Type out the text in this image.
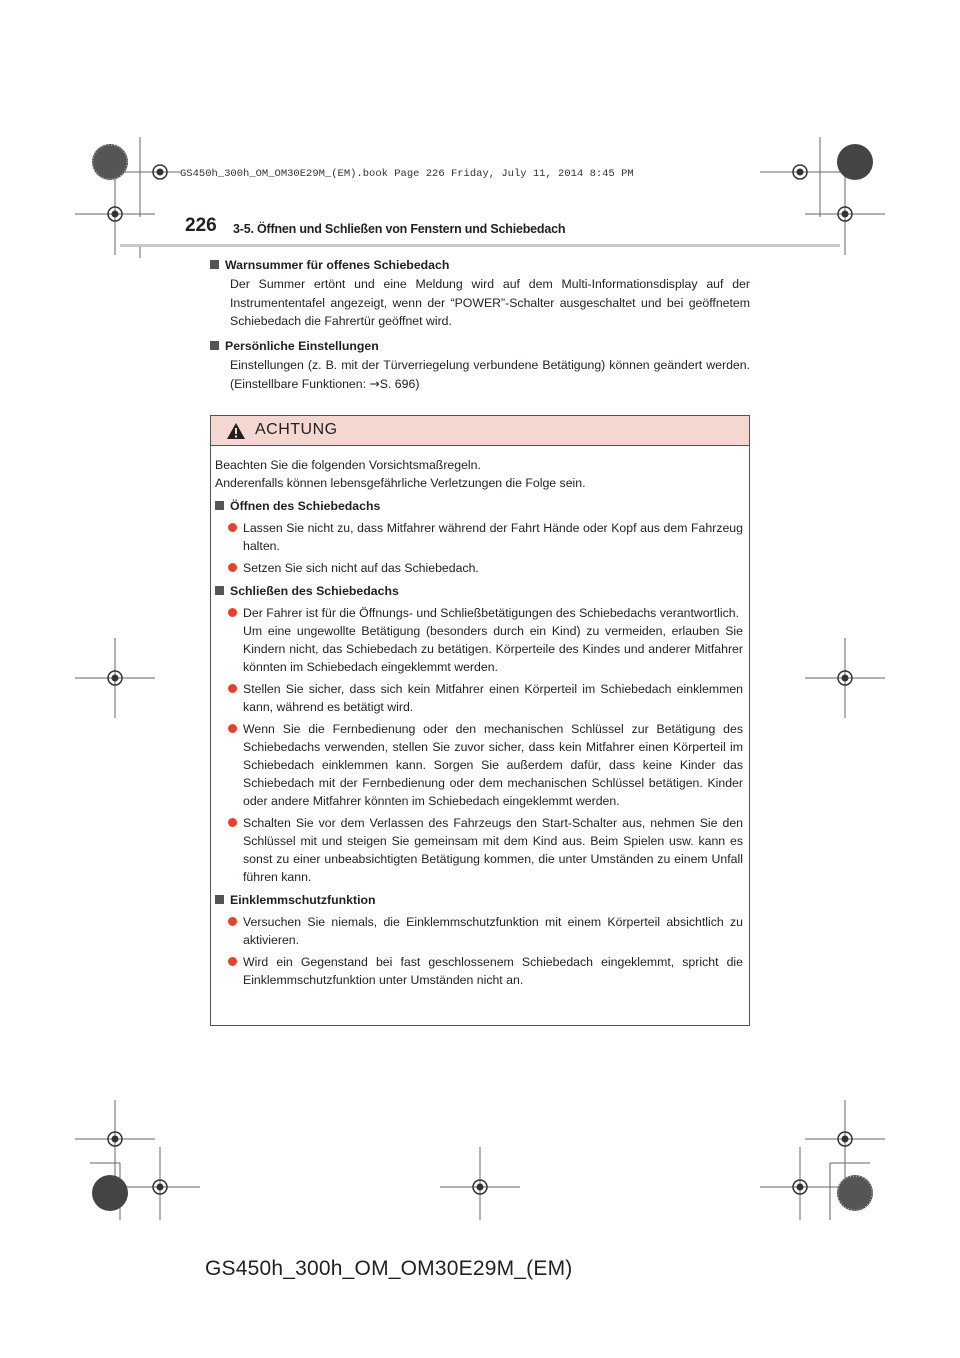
GS450h_300h_OM_OM30E29M_(EM).book Page 226 Friday, July 11, 2014 8:45 PM
226 3-5. Öffnen und Schließen von Fenstern und Schiebedach
Warnsummer für offenes Schiebedach
Der Summer ertönt und eine Meldung wird auf dem Multi-Informationsdisplay auf der Instrumententafel angezeigt, wenn der “POWER”-Schalter ausgeschaltet und bei geöffnetem Schiebedach die Fahrertür geöffnet wird.
Persönliche Einstellungen
Einstellungen (z. B. mit der Türverriegelung verbundene Betätigung) können geändert werden. (Einstellbare Funktionen: →S. 696)
ACHTUNG

Beachten Sie die folgenden Vorsichtsmaßregeln.

Anderenfalls können lebensgefährliche Verletzungen die Folge sein.

Öffnen des Schiebedachs
Lassen Sie nicht zu, dass Mitfahrer während der Fahrt Hände oder Kopf aus dem Fahrzeug halten.
Setzen Sie sich nicht auf das Schiebedach.
Schließen des Schiebedachs
Der Fahrer ist für die Öffnungs- und Schließbetätigungen des Schiebedachs verantwortlich.
Um eine ungewollte Betätigung (besonders durch ein Kind) zu vermeiden, erlauben Sie Kindern nicht, das Schiebedach zu betätigen. Körperteile des Kindes und anderer Mitfahrer könnten im Schiebedach eingeklemmt werden.
Stellen Sie sicher, dass sich kein Mitfahrer einen Körperteil im Schiebedach einklemmen kann, während es betätigt wird.
Wenn Sie die Fernbedienung oder den mechanischen Schlüssel zur Betätigung des Schiebedachs verwenden, stellen Sie zuvor sicher, dass kein Mitfahrer einen Körperteil im Schiebedach einklemmen kann. Sorgen Sie außerdem dafür, dass keine Kinder das Schiebedach mit der Fernbedienung oder dem mechanischen Schlüssel betätigen. Kinder oder andere Mitfahrer könnten im Schiebedach eingeklemmt werden.
Schalten Sie vor dem Verlassen des Fahrzeugs den Start-Schalter aus, nehmen Sie den Schlüssel mit und steigen Sie gemeinsam mit dem Kind aus. Beim Spielen usw. kann es sonst zu einer unbeabsichtigten Betätigung kommen, die unter Umständen zu einem Unfall führen kann.
Einklemmschutzfunktion
Versuchen Sie niemals, die Einklemmschutzfunktion mit einem Körperteil absichtlich zu aktivieren.
Wird ein Gegenstand bei fast geschlossenem Schiebedach eingeklemmt, spricht die Einklemmschutzfunktion unter Umständen nicht an.
GS450h_300h_OM_OM30E29M_(EM)
